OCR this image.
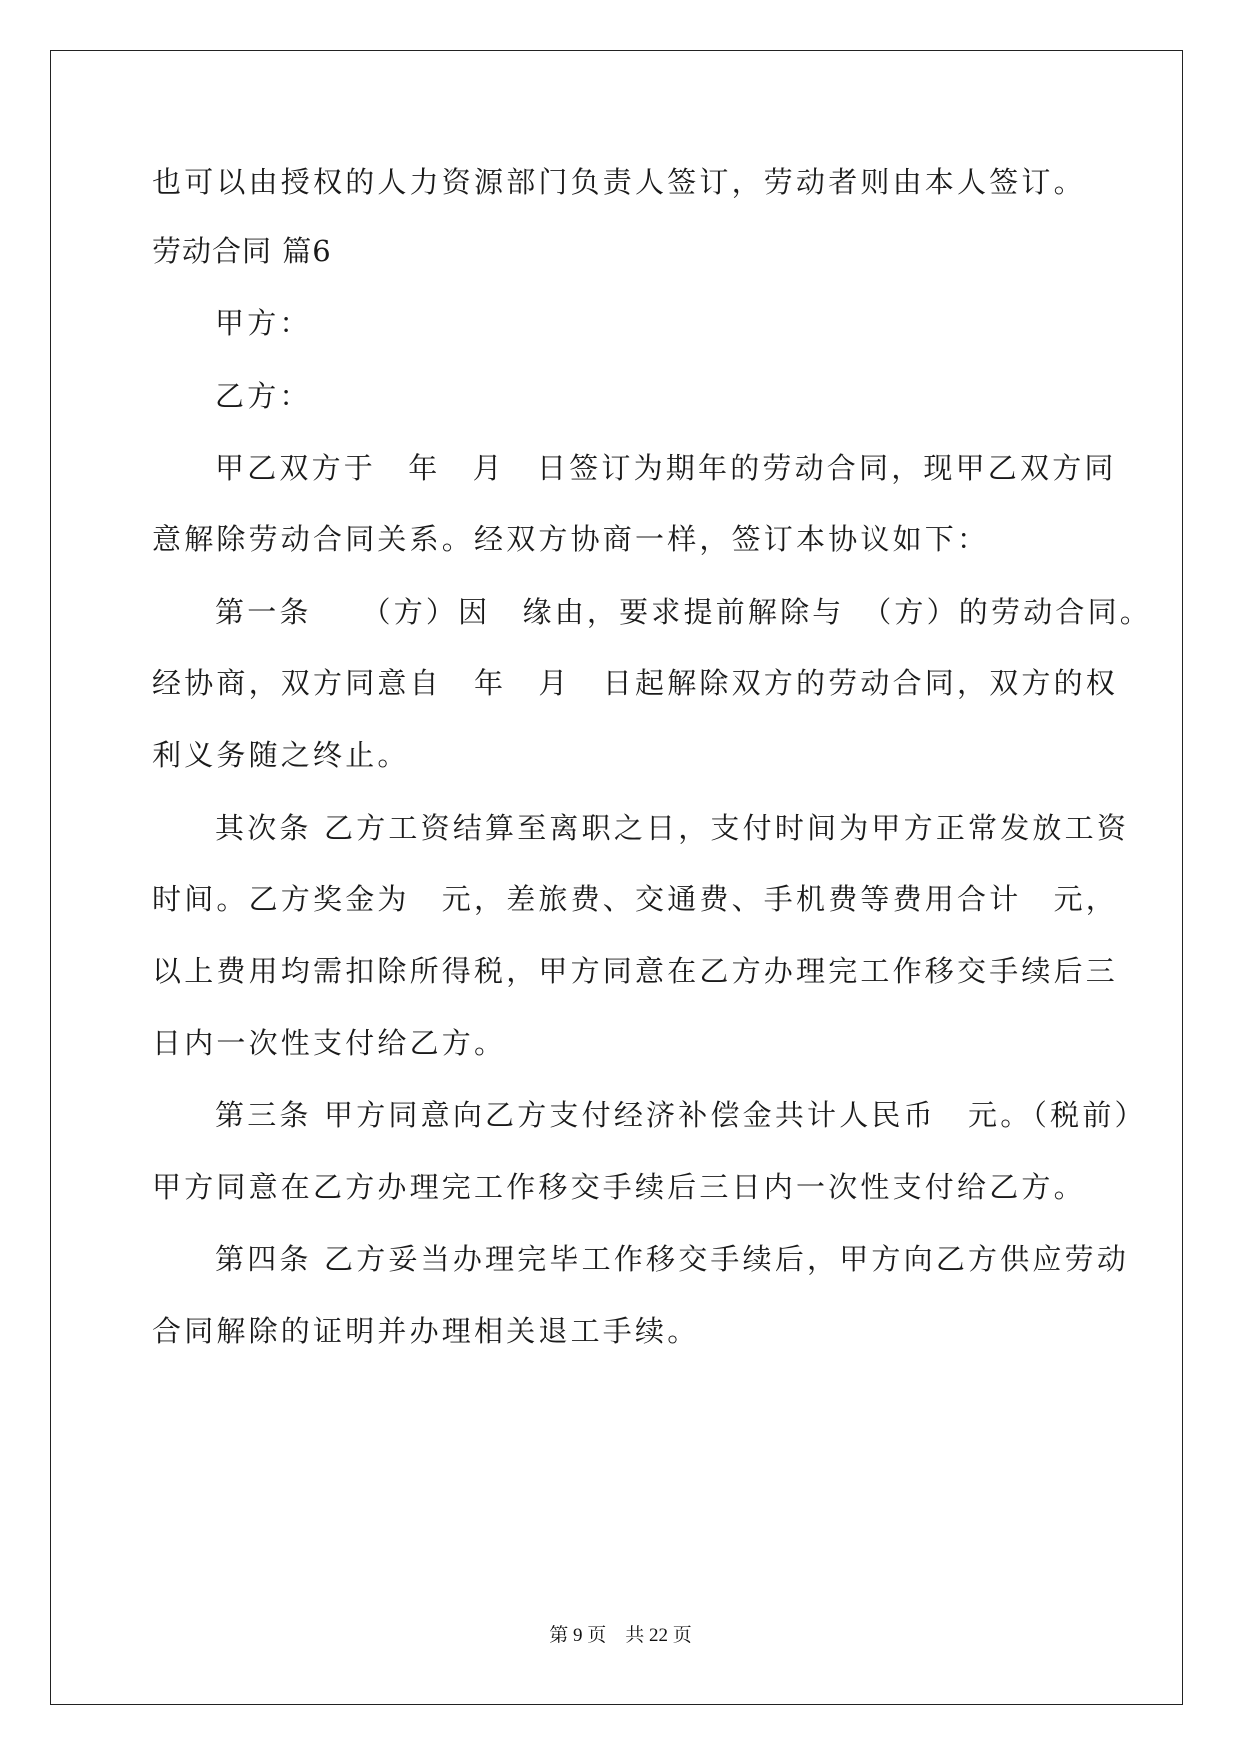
也可以由授权的人力资源部门负责人签订，劳动者则由本人签订。
劳动合同 篇6
甲方：
乙方：
甲乙双方于　年　月　日签订为期年的劳动合同，现甲乙双方同
意解除劳动合同关系。经双方协商一样，签订本协议如下：
第一条　　（方）因　缘由，要求提前解除与　（方）的劳动合同。
经协商，双方同意自　年　月　日起解除双方的劳动合同，双方的权
利义务随之终止。
其次条 乙方工资结算至离职之日，支付时间为甲方正常发放工资
时间。乙方奖金为　元，差旅费、交通费、手机费等费用合计　元，
以上费用均需扣除所得税，甲方同意在乙方办理完工作移交手续后三
日内一次性支付给乙方。
第三条 甲方同意向乙方支付经济补偿金共计人民币　元。（税前）
甲方同意在乙方办理完工作移交手续后三日内一次性支付给乙方。
第四条 乙方妥当办理完毕工作移交手续后，甲方向乙方供应劳动
合同解除的证明并办理相关退工手续。
第 9 页　共 22 页
